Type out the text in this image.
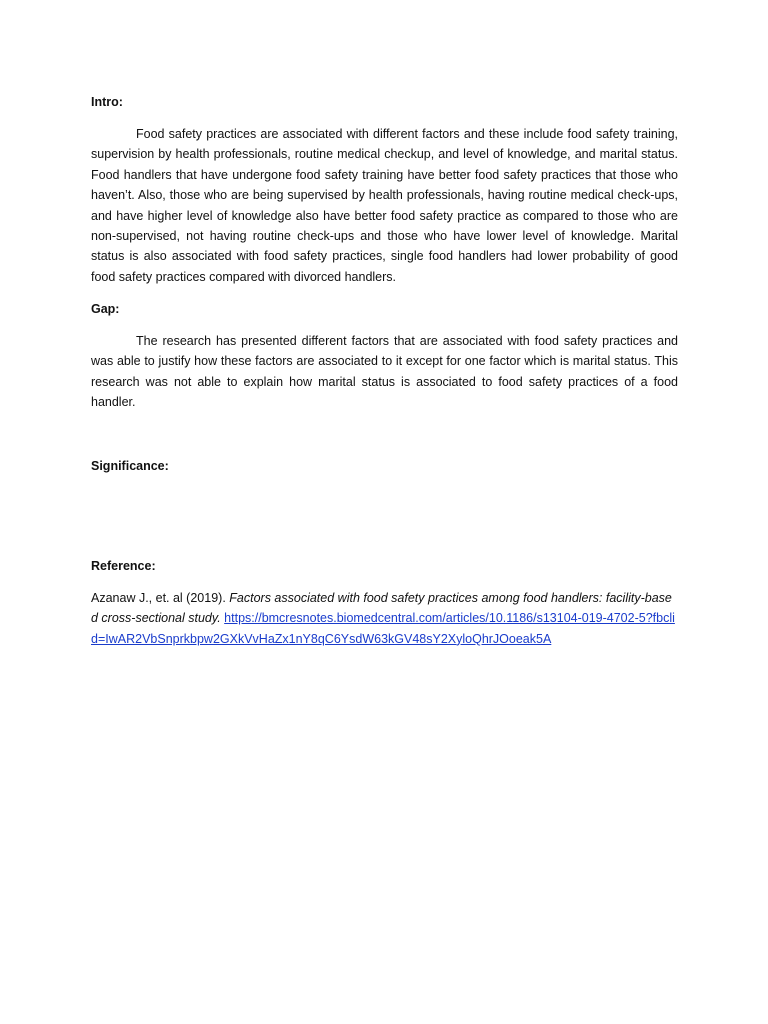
Intro:

Food safety practices are associated with different factors and these include food safety training, supervision by health professionals, routine medical checkup, and level of knowledge, and marital status. Food handlers that have undergone food safety training have better food safety practices that those who haven’t. Also, those who are being supervised by health professionals, having routine medical check-ups, and have higher level of knowledge also have better food safety practice as compared to those who are non-supervised, not having routine check-ups and those who have lower level of knowledge. Marital status is also associated with food safety practices, single food handlers had lower probability of good food safety practices compared with divorced handlers.

Gap:

The research has presented different factors that are associated with food safety practices and was able to justify how these factors are associated to it except for one factor which is marital status. This research was not able to explain how marital status is associated to food safety practices of a food handler.

Significance:

Reference:

Azanaw J., et. al (2019). Factors associated with food safety practices among food handlers: facility-based cross-sectional study. https://bmcresnotes.biomedcentral.com/articles/10.1186/s13104-019-4702-5?fbclid=IwAR2VbSnprkbpw2GXkVvHaZx1nY8qC6YsdW63kGV48sY2XyloQhrJOoeak5A
